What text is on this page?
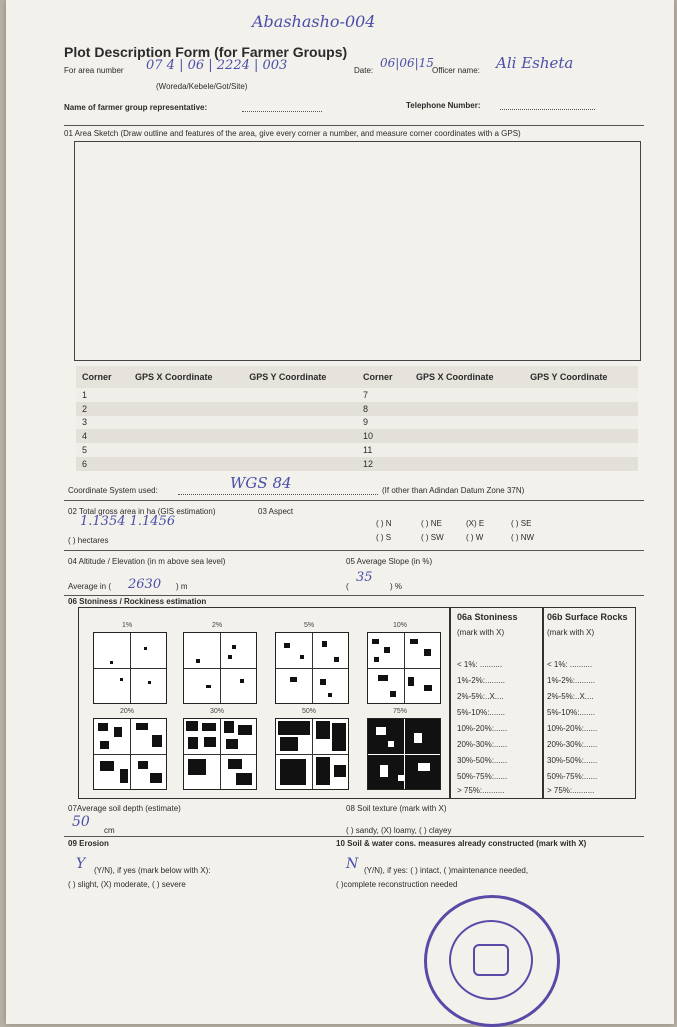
Abashasho-004
Plot Description Form (for Farmer Groups)
For area number 07 4 | 06 | 2224 | 003
(Woreda/Kebele/Got/Site)
Date:
06|06|15
Officer name: Ali Esheta
Name of farmer group representative:	Telephone Number:
01 Area Sketch (Draw outline and features of the area, give every corner a number, and measure corner coordinates with a GPS)
Corner	GPS X Coordinate	GPS Y Coordinate	Corner	GPS X Coordinate	GPS Y Coordinate
1			7		
2			8		
3			9		
4			10		
5			11		
6			12		
Coordinate System used:	WGS 84	(If other than Adindan Datum Zone 37N)
02 Total gross area in ha (GIS estimation)
1.1354 1.1456
( ) hectares
03 Aspect
( ) N	( ) NE	(X) E	( ) SE
( ) S	( ) SW	( ) W	( ) NW
04 Altitude / Elevation (in m above sea level)	05 Average Slope (in %)
Average in ( 2630 ) m	(
35
) %
06 Stoniness / Rockiness estimation
1%	2%	5%	10%
20%	30%	50%	75%
06a Stoniness
(mark with X)
< 1%: ..........
1%-2%:.........
2%-5%:..X....
5%-10%:.......
10%-20%:......
20%-30%:......
30%-50%:......
50%-75%:......
> 75%:..........
06b Surface Rocks
(mark with X)
< 1%: ..........
1%-2%:.........
2%-5%:..X....
5%-10%:.......
10%-20%:......
20%-30%:......
30%-50%:......
50%-75%:......
> 75%:..........
07Average soil depth (estimate)	08 Soil texture (mark with X)
50
cm	( ) sandy, (X) loamy, ( ) clayey
09 Erosion	10 Soil & water cons. measures already constructed (mark with X)
Y (Y/N), if yes (mark below with X):
( ) slight, (X) moderate, ( ) severe
N (Y/N), if yes: ( ) intact, ( )maintenance needed,
( )complete reconstruction needed
